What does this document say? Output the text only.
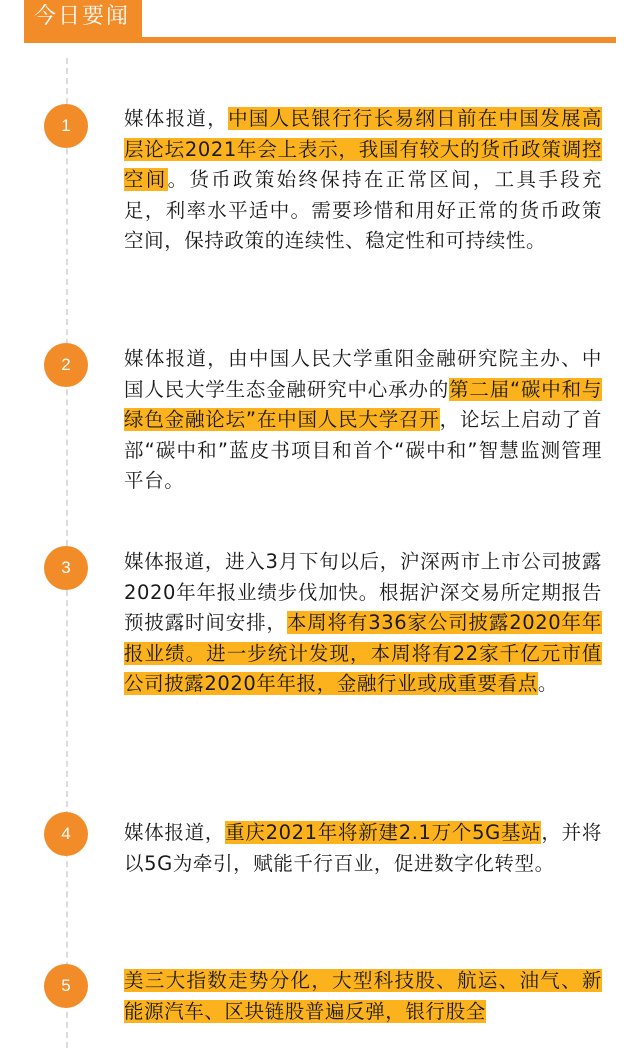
今日要闻
1	媒体报道，中国人民银行行长易纲日前在中国发展高层论坛2021年会上表示，我国有较大的货币政策调控空间。货币政策始终保持在正常区间，工具手段充足，利率水平适中。需要珍惜和用好正常的货币政策空间，保持政策的连续性、稳定性和可持续性。
2	媒体报道，由中国人民大学重阳金融研究院主办、中国人民大学生态金融研究中心承办的第二届“碳中和与绿色金融论坛”在中国人民大学召开，论坛上启动了首部“碳中和”蓝皮书项目和首个“碳中和”智慧监测管理平台。
3	媒体报道，进入3月下旬以后，沪深两市上市公司披露2020年年报业绩步伐加快。根据沪深交易所定期报告预披露时间安排，本周将有336家公司披露2020年年报业绩。进一步统计发现，本周将有22家千亿元市值公司披露2020年年报，金融行业或成重要看点。
4	媒体报道，重庆2021年将新建2.1万个5G基站，并将以5G为牵引，赋能千行百业，促进数字化转型。
5	美三大指数走势分化，大型科技股、航运、油气、新能源汽车、区块链股普遍反弹，银行股全
